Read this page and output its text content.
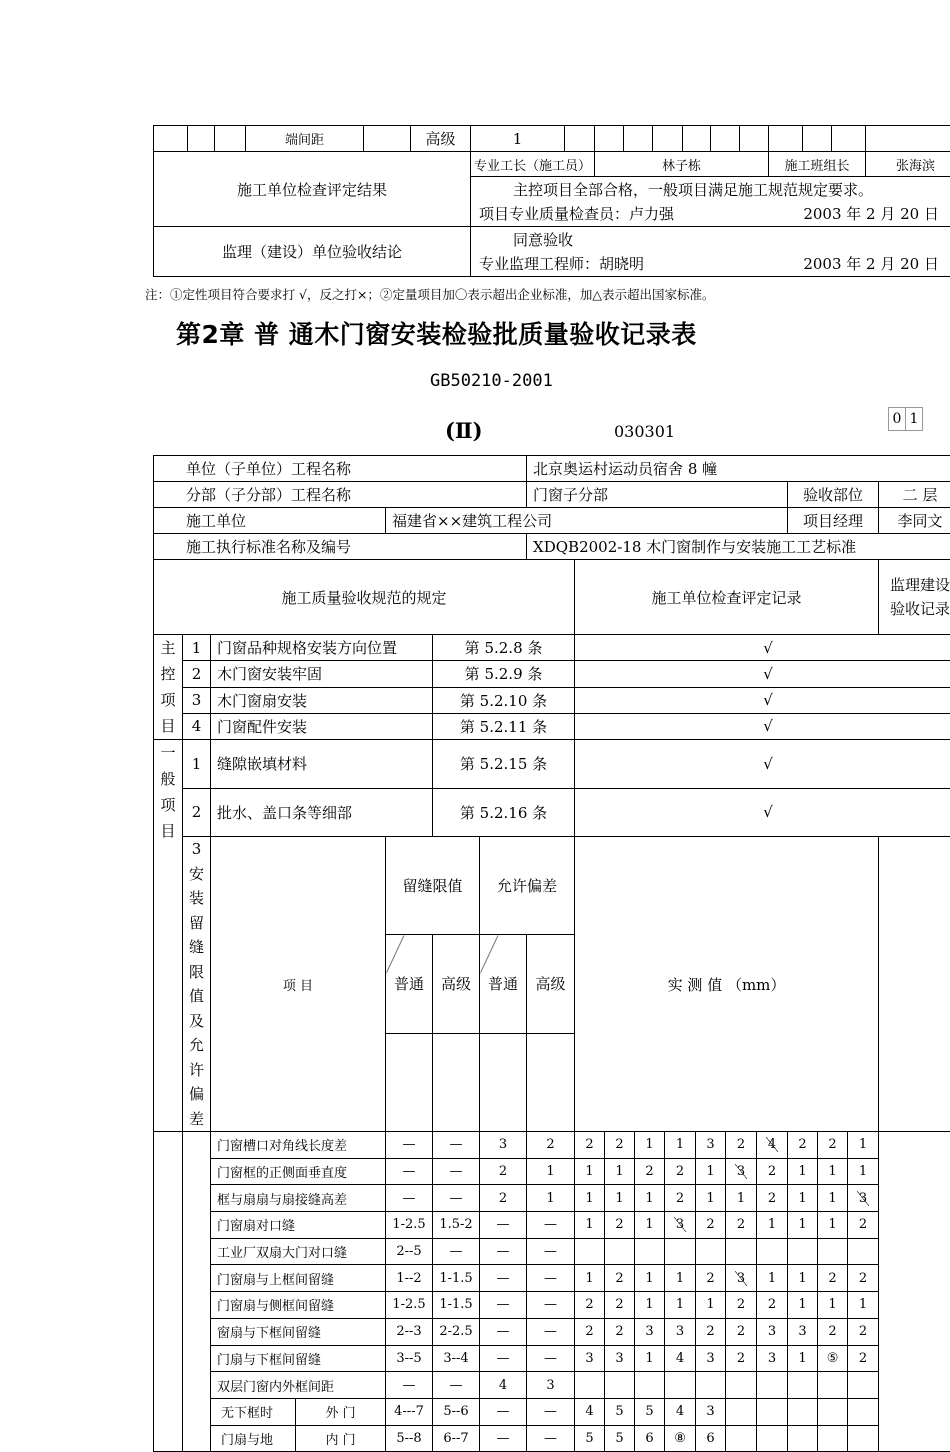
			端间距		高级	1											
施工单位检查评定结果						专业工长（施工员）		林子栋						施工班组长			张海滨
						主控项目全部合格，一般项目满足施工规范规定要求。											
						项目专业质量检查员：卢力强 2003 年 2 月 20 日											

监理（建设）单位验收结论						同意验收											
						专业监理工程师：胡晓明 2003 年 2 月 20 日											
注：①定性项目符合要求打 √，反之打×；②定量项目加〇表示超出企业标准，加△表示超出国家标准。
第2章 普 通木门窗安装检验批质量验收记录表
GB50210-2001
(Ⅱ)	030301
0 1
单位（子单位）工程名称						北京奥运村运动员宿舍 8 幢				
分部（子分部）工程名称						门窗子分部		验收部位	二 层	
施工单位			福建省××建筑工程公司					项目经理	李同文	
施工执行标准名称及编号						XDQB2002-18 木门窗制作与安装施工工艺标准				
施工质量验收规范的规定							施工单位检查评定记录		监理建设验收记录	
主控项目	1	门窗品种规格安装方向位置		第 5.2.8 条			√	
	2	木门窗安装牢固		第 5.2.9 条			√			
	3	木门窗扇安装		第 5.2.10 条			√			
	4	门窗配件安装		第 5.2.11 条			√			
一般项目	1	缝隙嵌填材料		第 5.2.15 条			√	
	2	批水、盖口条等细部		第 5.2.16 条			√			
	3安装留缝限值及允许偏差	项 目	留缝限值		允许偏差		实 测 值 （mm）			
			普通	高级	普通	高级				

		门窗槽口对角线长度差		—	—	3	2	2	2	1	1	3	2	4	2	2	1	
		门窗框的正侧面垂直度		—	—	2	1	1	1	2	2	1	3	2	1	1	1	
		框与扇扇与扇接缝高差		—	—	2	1	1	1	1	2	1	1	2	1	1	3	
		门窗扇对口缝		1-2.5	1.5-2	—	—	1	2	1	3	2	2	1	1	1	2	
		工业厂双扇大门对口缝		2--5	—	—	—											
		门窗扇与上框间留缝		1--2	1-1.5	—	—	1	2	1	1	2	3	1	1	2	2	
		门窗扇与侧框间留缝		1-2.5	1-1.5	—	—	2	2	1	1	1	2	2	1	1	1	
		窗扇与下框间留缝		2--3	2-2.5	—	—	2	2	3	3	2	2	3	3	2	2	
		门扇与下框间留缝		3--5	3--4	—	—	3	3	1	4	3	2	3	1	⑤	2	
		双层门窗内外框间距		—	—	4	3											
		无下框时	外 门	4---7	5--6	—	—	4	5	5	4	3						
		门扇与地	内 门	5--8	6--7	—	—	5	5	6	⑧	6						
